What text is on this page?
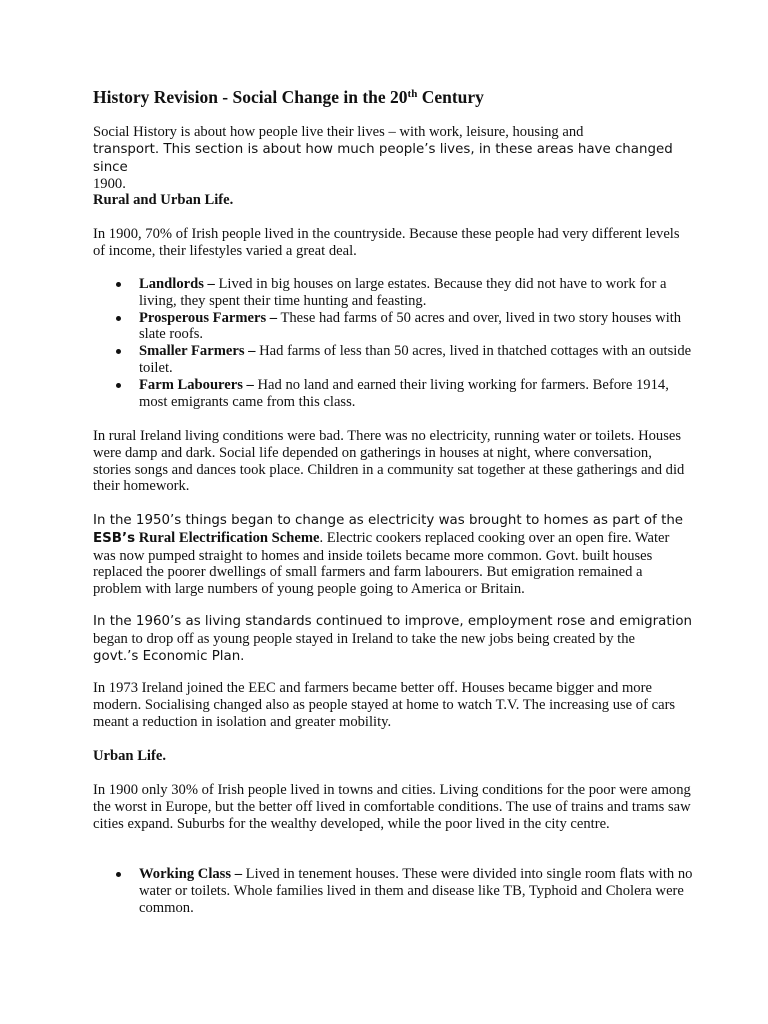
History Revision - Social Change in the 20th Century
Social History is about how people live their lives – with work, leisure, housing and
transport. This section is about how much people’s lives, in these areas have changed since
1900.
Rural and Urban Life.
In 1900, 70% of Irish people lived in the countryside. Because these people had very different levels of income, their lifestyles varied a great deal.
Landlords – Lived in big houses on large estates. Because they did not have to work for a living, they spent their time hunting and feasting.
Prosperous Farmers – These had farms of 50 acres and over, lived in two story houses with slate roofs.
Smaller Farmers – Had farms of less than 50 acres, lived in thatched cottages with an outside toilet.
Farm Labourers – Had no land and earned their living working for farmers. Before 1914, most emigrants came from this class.
In rural Ireland living conditions were bad. There was no electricity, running water or toilets. Houses were damp and dark. Social life depended on gatherings in houses at night, where conversation, stories songs and dances took place. Children in a community sat together at these gatherings and did their homework.
In the 1950’s things began to change as electricity was brought to homes as part of the ESB’s Rural Electrification Scheme. Electric cookers replaced cooking over an open fire. Water was now pumped straight to homes and inside toilets became more common. Govt. built houses replaced the poorer dwellings of small farmers and farm labourers. But emigration remained a problem with large numbers of young people going to America or Britain.
In the 1960’s as living standards continued to improve, employment rose and emigration
began to drop off as young people stayed in Ireland to take the new jobs being created by the
govt.’s Economic Plan.
In 1973 Ireland joined the EEC and farmers became better off. Houses became bigger and more modern. Socialising changed also as people stayed at home to watch T.V. The increasing use of cars meant a reduction in isolation and greater mobility.
Urban Life.
In 1900 only 30% of Irish people lived in towns and cities. Living conditions for the poor were among the worst in Europe, but the better off lived in comfortable conditions. The use of trains and trams saw cities expand. Suburbs for the wealthy developed, while the poor lived in the city centre.
Working Class – Lived in tenement houses. These were divided into single room flats with no water or toilets. Whole families lived in them and disease like TB, Typhoid and Cholera were common.
